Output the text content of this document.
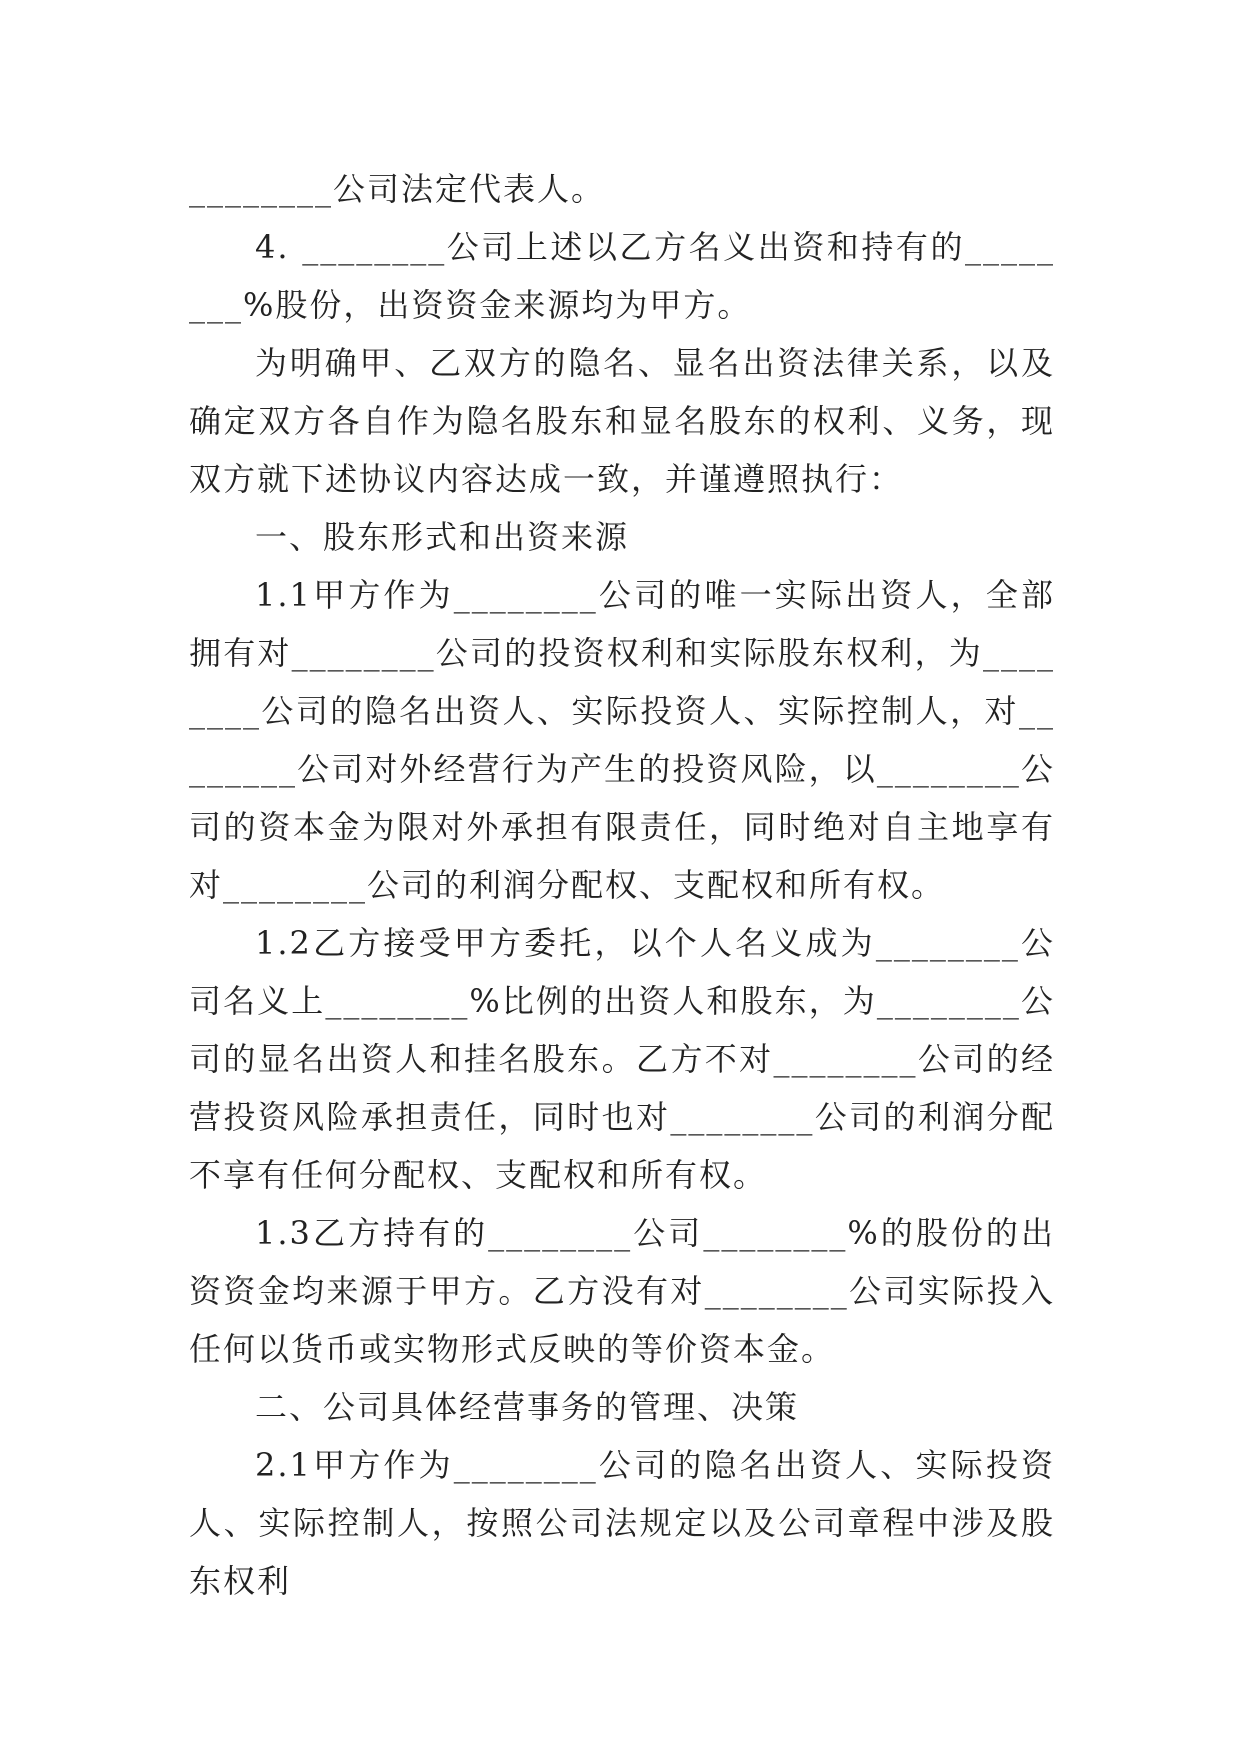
________公司法定代表人。

4. ________公司上述以乙方名义出资和持有的________%股份，出资资金来源均为甲方。

为明确甲、乙双方的隐名、显名出资法律关系，以及确定双方各自作为隐名股东和显名股东的权利、义务，现双方就下述协议内容达成一致，并谨遵照执行：

一、股东形式和出资来源

1.1甲方作为________公司的唯一实际出资人，全部拥有对________公司的投资权利和实际股东权利，为________公司的隐名出资人、实际投资人、实际控制人，对________公司对外经营行为产生的投资风险，以________公司的资本金为限对外承担有限责任，同时绝对自主地享有对________公司的利润分配权、支配权和所有权。

1.2乙方接受甲方委托，以个人名义成为________公司名义上________%比例的出资人和股东，为________公司的显名出资人和挂名股东。乙方不对________公司的经营投资风险承担责任，同时也对________公司的利润分配不享有任何分配权、支配权和所有权。

1.3乙方持有的________公司________%的股份的出资资金均来源于甲方。乙方没有对________公司实际投入任何以货币或实物形式反映的等价资本金。

二、公司具体经营事务的管理、决策

2.1甲方作为________公司的隐名出资人、实际投资人、实际控制人，按照公司法规定以及公司章程中涉及股东权利
